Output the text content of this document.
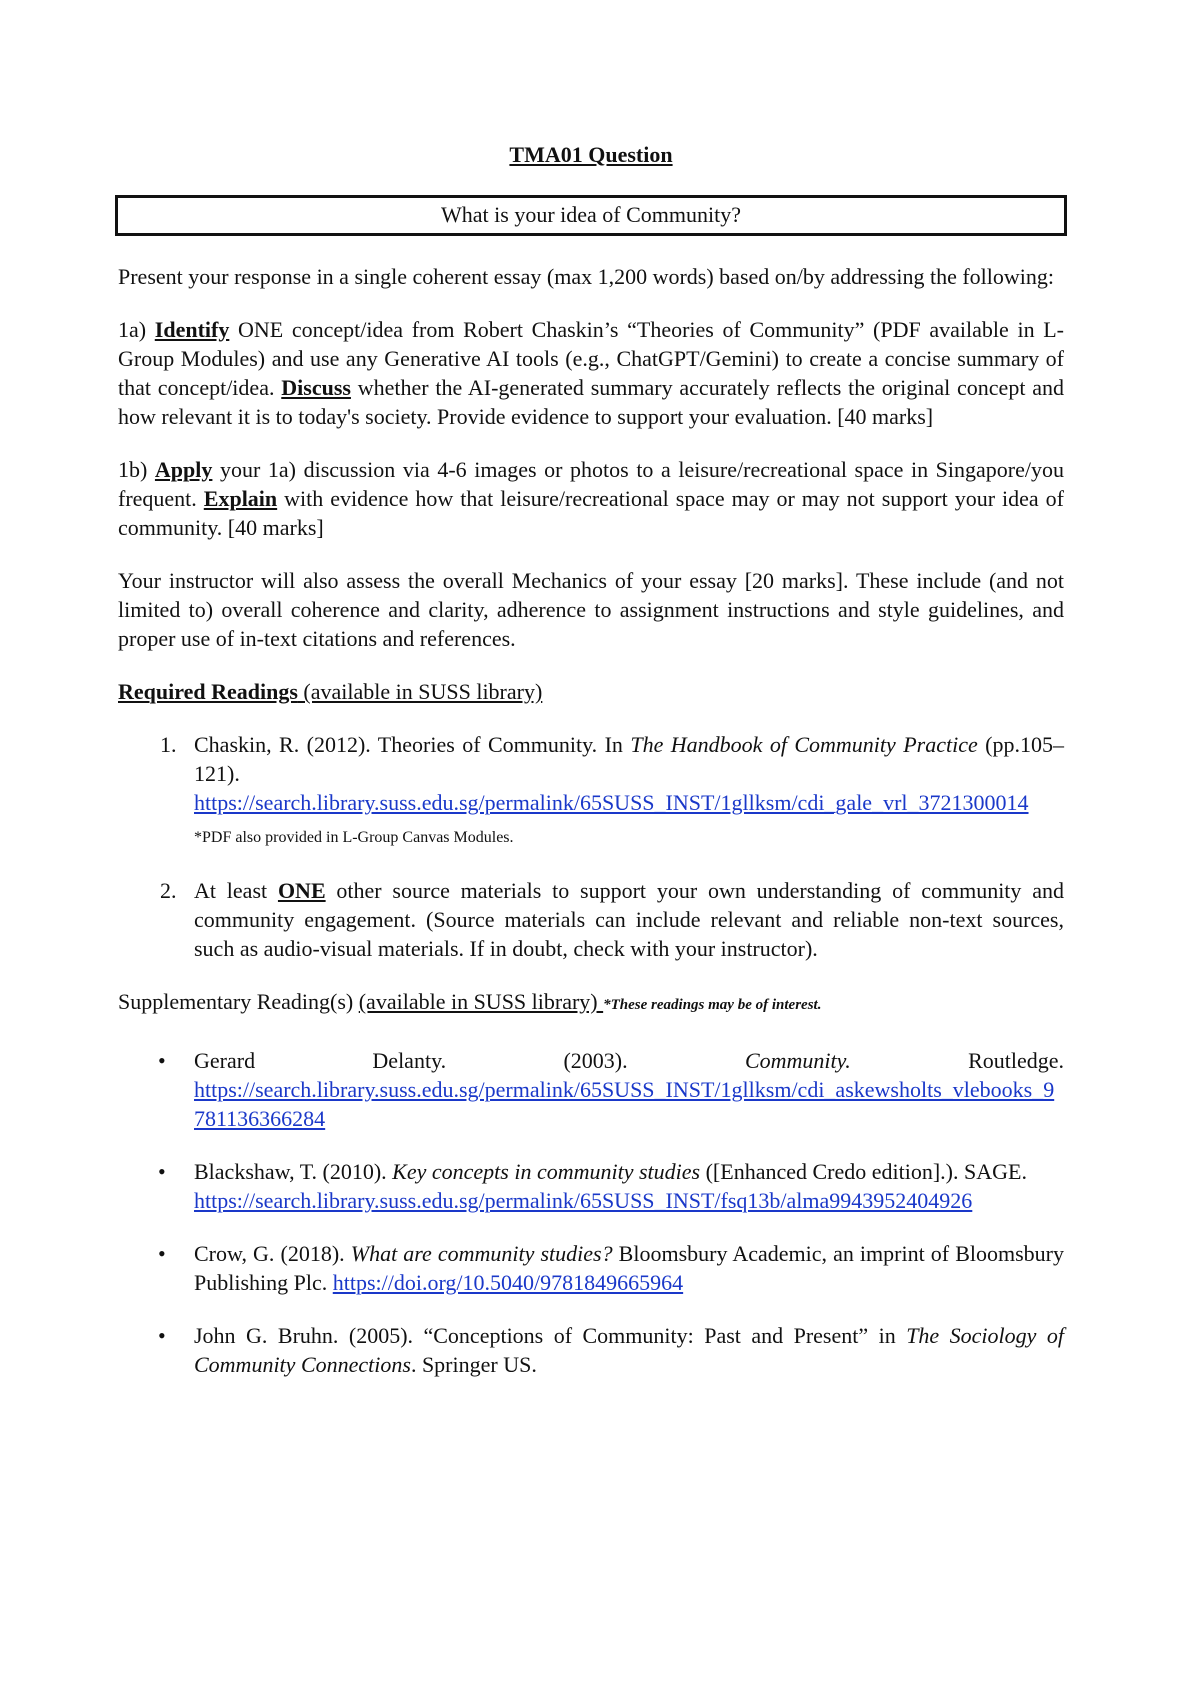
TMA01 Question
What is your idea of Community?

Present your response in a single coherent essay (max 1,200 words) based on/by addressing the following:

1a) Identify ONE concept/idea from Robert Chaskin’s “Theories of Community” (PDF available in L-Group Modules) and use any Generative AI tools (e.g., ChatGPT/Gemini) to create a concise summary of that concept/idea. Discuss whether the AI-generated summary accurately reflects the original concept and how relevant it is to today's society. Provide evidence to support your evaluation. [40 marks]

1b) Apply your 1a) discussion via 4-6 images or photos to a leisure/recreational space in Singapore/you frequent. Explain with evidence how that leisure/recreational space may or may not support your idea of community. [40 marks]

Your instructor will also assess the overall Mechanics of your essay [20 marks]. These include (and not limited to) overall coherence and clarity, adherence to assignment instructions and style guidelines, and proper use of in-text citations and references.

Required Readings (available in SUSS library)
1. Chaskin, R. (2012). Theories of Community. In The Handbook of Community Practice (pp.105–121).
https://search.library.suss.edu.sg/permalink/65SUSS_INST/1gllksm/cdi_gale_vrl_3721300014 *PDF also provided in L-Group Canvas Modules.
2. At least ONE other source materials to support your own understanding of community and community engagement. (Source materials can include relevant and reliable non-text sources, such as audio-visual materials. If in doubt, check with your instructor).
Supplementary Reading(s) (available in SUSS library) *These readings may be of interest.
• Gerard	Delanty.	(2003).	Community.	Routledge.
https://search.library.suss.edu.sg/permalink/65SUSS_INST/1gllksm/cdi_askewsholts_vlebooks_9781136366284
• Blackshaw, T. (2010). Key concepts in community studies ([Enhanced Credo edition].). SAGE.
https://search.library.suss.edu.sg/permalink/65SUSS_INST/fsq13b/alma9943952404926
• Crow, G. (2018). What are community studies? Bloomsbury Academic, an imprint of Bloomsbury Publishing Plc. https://doi.org/10.5040/9781849665964
• John G. Bruhn. (2005). “Conceptions of Community: Past and Present” in The Sociology of Community Connections. Springer US.
